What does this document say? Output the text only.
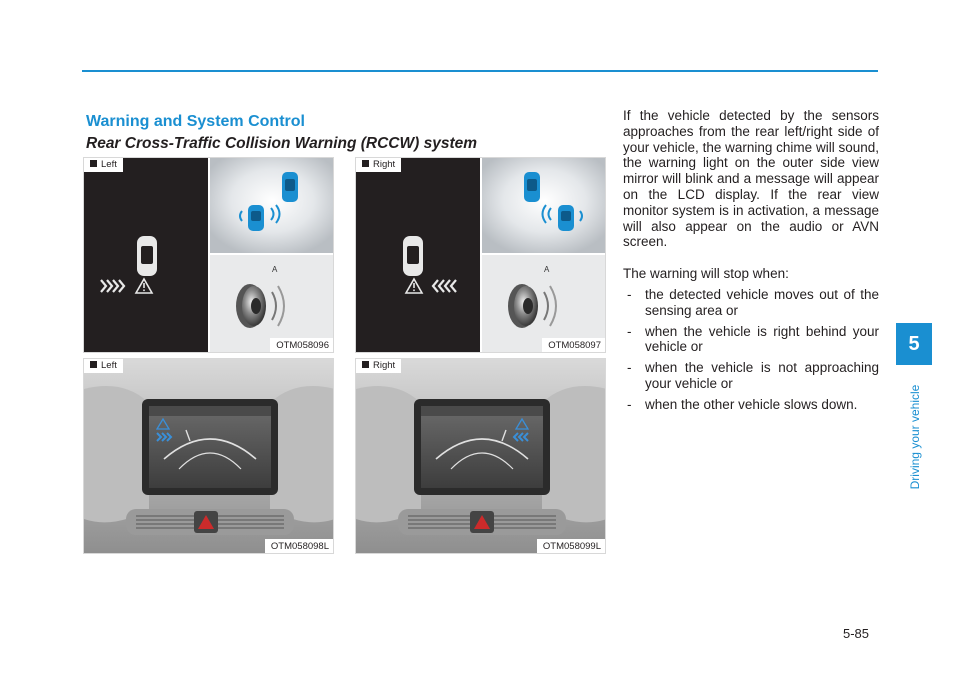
Warning and System Control
Rear Cross-Traffic Collision Warning (RCCW) system
A
Left
OTM058096
A
Right
OTM058097
Left
OTM058098L
Right
OTM058099L

If the vehicle detected by the sensors approaches from the rear left/right side of your vehicle, the warning chime will sound, the warning light on the outer side view mirror will blink and a message will appear on the LCD display. If the rear view monitor system is in activation, a message will also appear on the audio or AVN screen.

The warning will stop when:

- the detected vehicle moves out of the sensing area or
- when the vehicle is right behind your vehicle or
- when the vehicle is not approaching your vehicle or
- when the other vehicle slows down.
5
Driving your vehicle
5-85
